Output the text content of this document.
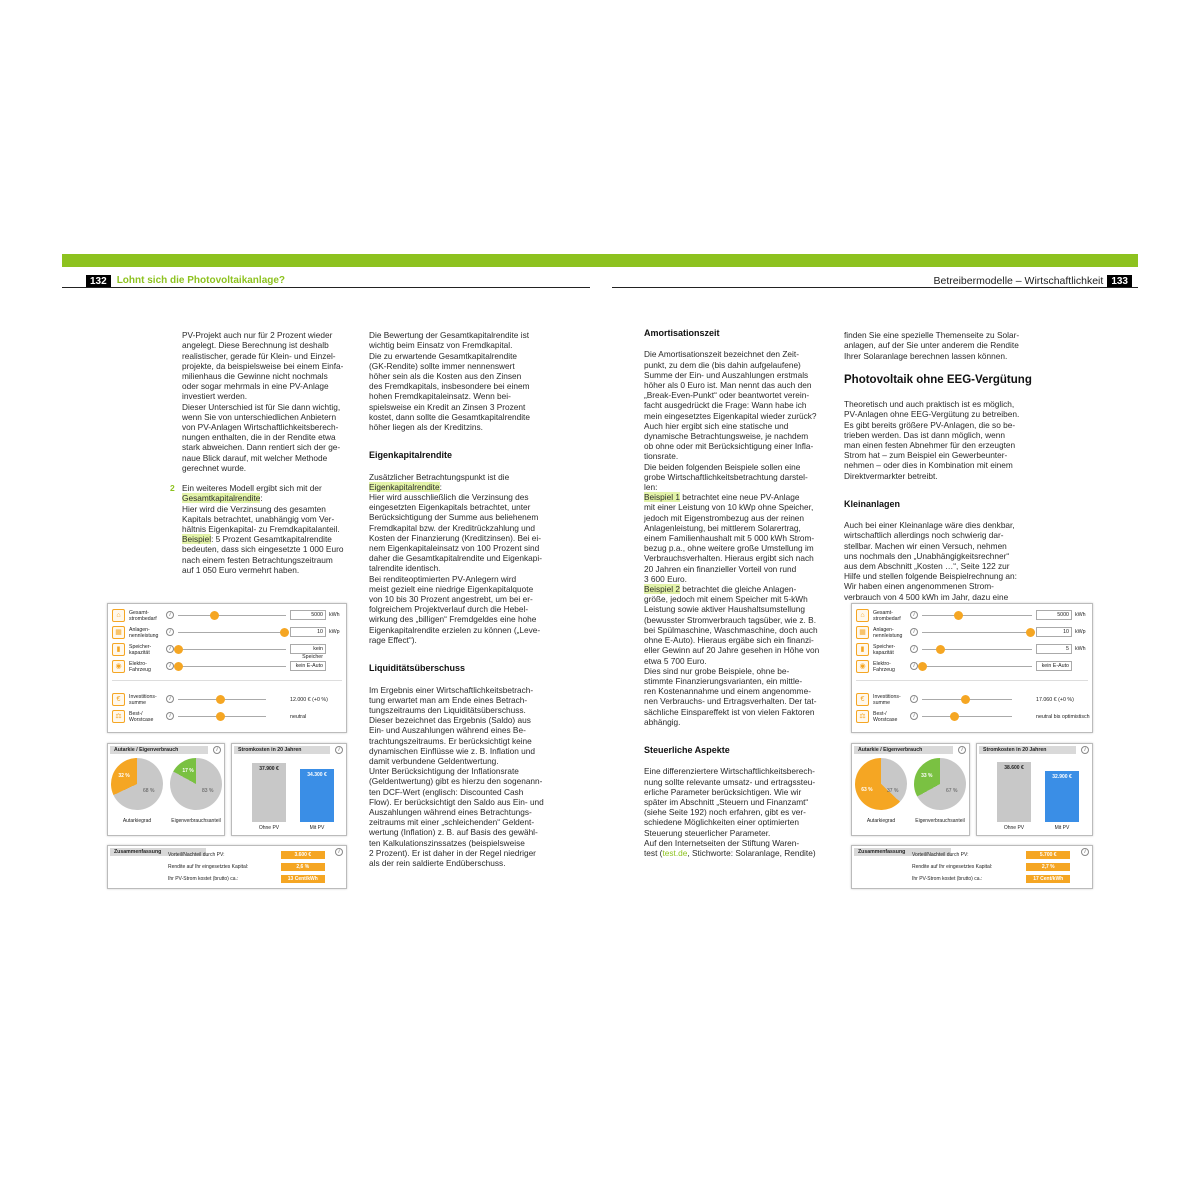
132	Lohnt sich die Photovoltaikanlage?	Betreibermodelle – Wirtschaftlichkeit 133

PV-Projekt auch nur für 2 Prozent wieder
angelegt. Diese Berechnung ist deshalb
realistischer, gerade für Klein- und Einzel-
projekte, da beispielsweise bei einem Einfa-
milienhaus die Gewinne nicht nochmals
oder sogar mehrmals in eine PV-Anlage
investiert werden.
Dieser Unterschied ist für Sie dann wichtig,
wenn Sie von unterschiedlichen Anbietern
von PV-Anlagen Wirtschaftlichkeitsberech-
nungen enthalten, die in der Rendite etwa
stark abweichen. Dann rentiert sich der ge-
naue Blick darauf, mit welcher Methode
gerechnet wurde.

Ein weiteres Modell ergibt sich mit der
Gesamtkapitalrendite:
Hier wird die Verzinsung des gesamten
Kapitals betrachtet, unabhängig vom Ver-
hältnis Eigenkapital- zu Fremdkapitalanteil.
Beispiel: 5 Prozent Gesamtkapitalrendite
bedeuten, dass sich eingesetzte 1 000 Euro
nach einem festen Betrachtungszeitraum
auf 1 050 Euro vermehrt haben.

2

Die Bewertung der Gesamtkapitalrendite ist
wichtig beim Einsatz von Fremdkapital.
Die zu erwartende Gesamtkapitalrendite
(GK-Rendite) sollte immer nennenswert
höher sein als die Kosten aus den Zinsen
des Fremdkapitals, insbesondere bei einem
hohen Fremdkapitaleinsatz. Wenn bei-
spielsweise ein Kredit an Zinsen 3 Prozent
kostet, dann sollte die Gesamtkapitalrendite
höher liegen als der Kreditzins.

Eigenkapitalrendite

Zusätzlicher Betrachtungspunkt ist die
Eigenkapitalrendite:
Hier wird ausschließlich die Verzinsung des
eingesetzten Eigenkapitals betrachtet, unter
Berücksichtigung der Summe aus beliehenem
Fremdkapital bzw. der Kreditrückzahlung und
Kosten der Finanzierung (Kreditzinsen). Bei ei-
nem Eigenkapitaleinsatz von 100 Prozent sind
daher die Gesamtkapitalrendite und Eigenkapi-
talrendite identisch.
Bei renditeoptimierten PV-Anlegern wird
meist gezielt eine niedrige Eigenkapitalquote
von 10 bis 30 Prozent angestrebt, um bei er-
folgreichem Projektverlauf durch die Hebel-
wirkung des „billigen“ Fremdgeldes eine hohe
Eigenkapitalrendite erzielen zu können („Leve-
rage Effect“).

Liquiditätsüberschuss

Im Ergebnis einer Wirtschaftlichkeitsbetrach-
tung erwartet man am Ende eines Betrach-
tungszeitraums den Liquiditätsüberschuss.
Dieser bezeichnet das Ergebnis (Saldo) aus
Ein- und Auszahlungen während eines Be-
trachtungszeitraums. Er berücksichtigt keine
dynamischen Einflüsse wie z. B. Inflation und
damit verbundene Geldentwertung.
Unter Berücksichtigung der Inflationsrate
(Geldentwertung) gibt es hierzu den sogenann-
ten DCF-Wert (englisch: Discounted Cash
Flow). Er berücksichtigt den Saldo aus Ein- und
Auszahlungen während eines Betrachtungs-
zeitraums mit einer „schleichenden“ Geldent-
wertung (Inflation) z. B. auf Basis des gewähl-
ten Kalkulationszinssatzes (beispielsweise
2 Prozent). Er ist daher in der Regel niedriger
als der rein saldierte Endüberschuss.

Amortisationszeit

Die Amortisationszeit bezeichnet den Zeit-
punkt, zu dem die (bis dahin aufgelaufene)
Summe der Ein- und Auszahlungen erstmals
höher als 0 Euro ist. Man nennt das auch den
„Break-Even-Punkt“ oder beantwortet verein-
facht ausgedrückt die Frage: Wann habe ich
mein eingesetztes Eigenkapital wieder zurück?
Auch hier ergibt sich eine statische und
dynamische Betrachtungsweise, je nachdem
ob ohne oder mit Berücksichtigung einer Infla-
tionsrate.
Die beiden folgenden Beispiele sollen eine
grobe Wirtschaftlichkeitsbetrachtung darstel-
len:
Beispiel 1 betrachtet eine neue PV-Anlage
mit einer Leistung von 10 kWp ohne Speicher,
jedoch mit Eigenstrombezug aus der reinen
Anlagenleistung, bei mittlerem Solarertrag,
einem Familienhaushalt mit 5 000 kWh Strom-
bezug p.a., ohne weitere große Umstellung im
Verbrauchsverhalten. Hieraus ergibt sich nach
20 Jahren ein finanzieller Vorteil von rund
3 600 Euro.
Beispiel 2 betrachtet die gleiche Anlagen-
größe, jedoch mit einem Speicher mit 5-kWh
Leistung sowie aktiver Haushaltsumstellung
(bewusster Stromverbrauch tagsüber, wie z. B.
bei Spülmaschine, Waschmaschine, doch auch
ohne E-Auto). Hieraus ergäbe sich ein finanzi-
eller Gewinn auf 20 Jahre gesehen in Höhe von
etwa 5 700 Euro.
Dies sind nur grobe Beispiele, ohne be-
stimmte Finanzierungsvarianten, ein mittle-
ren Kostenannahme und einem angenomme-
nen Verbrauchs- und Ertragsverhalten. Der tat-
sächliche Einspareffekt ist von vielen Faktoren
abhängig.

Steuerliche Aspekte

Eine differenziertere Wirtschaftlichkeitsberech-
nung sollte relevante umsatz- und ertragssteu-
erliche Parameter berücksichtigen. Wie wir
später im Abschnitt „Steuern und Finanzamt“
(siehe Seite 192) noch erfahren, gibt es ver-
schiedene Möglichkeiten einer optimierten
Steuerung steuerlicher Parameter.
Auf den Internetseiten der Stiftung Waren-
test (test.de, Stichworte: Solaranlage, Rendite)

finden Sie eine spezielle Themenseite zu Solar-
anlagen, auf der Sie unter anderem die Rendite
Ihrer Solaranlage berechnen lassen können.

Photovoltaik ohne EEG-Vergütung

Theoretisch und auch praktisch ist es möglich,
PV-Anlagen ohne EEG-Vergütung zu betreiben.
Es gibt bereits größere PV-Anlagen, die so be-
trieben werden. Das ist dann möglich, wenn
man einen festen Abnehmer für den erzeugten
Strom hat – zum Beispiel ein Gewerbeunter-
nehmen – oder dies in Kombination mit einem
Direktvermarkter betreibt.

Kleinanlagen

Auch bei einer Kleinanlage wäre dies denkbar,
wirtschaftlich allerdings noch schwierig dar-
stellbar. Machen wir einen Versuch, nehmen
uns nochmals den „Unabhängigkeitsrechner“
aus dem Abschnitt „Kosten …“, Seite 122 zur
Hilfe und stellen folgende Beispielrechnung an:
Wir haben einen angenommenen Strom-
verbrauch von 4 500 kWh im Jahr, dazu eine

⌂	Gesamt-
strombedarf
i	5000	kWh
▦	Anlagen-
nennleistung
i	10	kWp
▮	Speicher-
kapazität
i	kein Speicher
◉	Elektro-
Fahrzeug
i	kein E-Auto
€	Investitions-
summe
i	12.000 € (+0 %)
⚖	Best-/
Worstcase
i	neutral
Autarkie / Eigenverbrauch	i
32 %
68 %
Autarkiegrad
17 %
83 %
Eigenverbrauchsanteil
Stromkosten in 20 Jahren	i
37.900 €
Ohne PV
34.300 €
Mit PV
Zusammenfassung	i
Vorteil/Nachteil durch PV:	3.600 €
Rendite auf Ihr eingesetztes Kapital:	2,6 %
Ihr PV-Strom kostet (brutto) ca.:	13 Cent/kWh
⌂	Gesamt-
strombedarf
i	5000	kWh
▦	Anlagen-
nennleistung
i	10	kWp
▮	Speicher-
kapazität
i	5	kWh
◉	Elektro-
Fahrzeug
i	kein E-Auto
€	Investitions-
summe
i	17.060 € (+0 %)
⚖	Best-/
Worstcase
i	neutral bis optimistisch
Autarkie / Eigenverbrauch	i
63 %	37 %
Autarkiegrad
33 %
67 %
Eigenverbrauchsanteil
Stromkosten in 20 Jahren	i
38.600 €
Ohne PV
32.900 €
Mit PV
Zusammenfassung	i
Vorteil/Nachteil durch PV:	5.700 €
Rendite auf Ihr eingesetztes Kapital:	2,7 %
Ihr PV-Strom kostet (brutto) ca.:	17 Cent/kWh
